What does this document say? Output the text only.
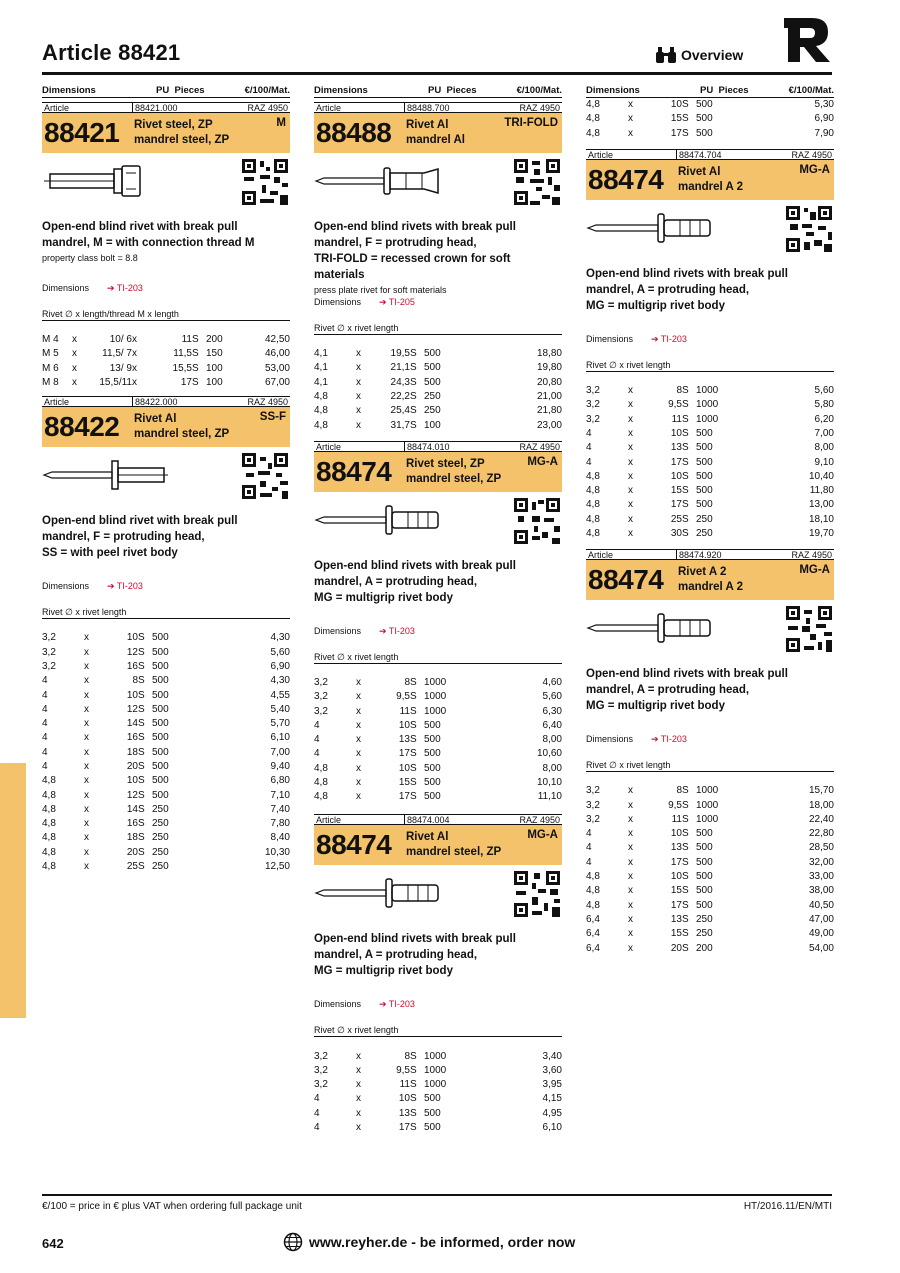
Article 88421	Overview
Dimensions	PU Pieces	€/100/Mat.
Article	88421.000	RAZ 4950
88421	Rivet steel, ZP
mandrel steel, ZP
M
Open-end blind rivet with break pull
mandrel, M = with connection thread M
property class bolt = 8.8
Dimensions ➔ TI-203
Rivet ∅ x length/thread M x length
M 4	x	10/ 6	x	11	S	200	42,50
M 5	x	11,5/ 7	x	11,5	S	150	46,00
M 6	x	13/ 9	x	15,5	S	100	53,00
M 8	x	15,5/11	x	17	S	100	67,00
Article	88422.000	RAZ 4950
88422	Rivet Al
mandrel steel, ZP
SS-F
Open-end blind rivet with break pull
mandrel, F = protruding head,
SS = with peel rivet body
Dimensions ➔ TI-203
Rivet ∅ x rivet length
3,2	x	10	S	500	4,30
3,2	x	12	S	500	5,60
3,2	x	16	S	500	6,90
4	x	8	S	500	4,30
4	x	10	S	500	4,55
4	x	12	S	500	5,40
4	x	14	S	500	5,70
4	x	16	S	500	6,10
4	x	18	S	500	7,00
4	x	20	S	500	9,40
4,8	x	10	S	500	6,80
4,8	x	12	S	500	7,10
4,8	x	14	S	250	7,40
4,8	x	16	S	250	7,80
4,8	x	18	S	250	8,40
4,8	x	20	S	250	10,30
4,8	x	25	S	250	12,50
Dimensions	PU Pieces	€/100/Mat.
Article	88488.700	RAZ 4950
88488	Rivet Al
mandrel Al
TRI-FOLD
Open-end blind rivets with break pull
mandrel, F = protruding head,
TRI-FOLD = recessed crown for soft
materials
press plate rivet for soft materials
Dimensions ➔ TI-205
Rivet ∅ x rivet length
4,1	x	19,5	S	500	18,80
4,1	x	21,1	S	500	19,80
4,1	x	24,3	S	500	20,80
4,8	x	22,2	S	250	21,00
4,8	x	25,4	S	250	21,80
4,8	x	31,7	S	100	23,00
Article	88474.010	RAZ 4950
88474	Rivet steel, ZP
mandrel steel, ZP
MG-A
Open-end blind rivets with break pull
mandrel, A = protruding head,
MG = multigrip rivet body
Dimensions ➔ TI-203
Rivet ∅ x rivet length
3,2	x	8	S	1000	4,60
3,2	x	9,5	S	1000	5,60
3,2	x	11	S	1000	6,30
4	x	10	S	500	6,40
4	x	13	S	500	8,00
4	x	17	S	500	10,60
4,8	x	10	S	500	8,00
4,8	x	15	S	500	10,10
4,8	x	17	S	500	11,10
Article	88474.004	RAZ 4950
88474	Rivet Al
mandrel steel, ZP
MG-A
Open-end blind rivets with break pull
mandrel, A = protruding head,
MG = multigrip rivet body
Dimensions ➔ TI-203
Rivet ∅ x rivet length
3,2	x	8	S	1000	3,40
3,2	x	9,5	S	1000	3,60
3,2	x	11	S	1000	3,95
4	x	10	S	500	4,15
4	x	13	S	500	4,95
4	x	17	S	500	6,10
Dimensions	PU Pieces	€/100/Mat.
4,8	x	10	S	500	5,30
4,8	x	15	S	500	6,90
4,8	x	17	S	500	7,90
Article	88474.704	RAZ 4950
88474	Rivet Al
mandrel A 2
MG-A
Open-end blind rivets with break pull
mandrel, A = protruding head,
MG = multigrip rivet body
Dimensions ➔ TI-203
Rivet ∅ x rivet length
3,2	x	8	S	1000	5,60
3,2	x	9,5	S	1000	5,80
3,2	x	11	S	1000	6,20
4	x	10	S	500	7,00
4	x	13	S	500	8,00
4	x	17	S	500	9,10
4,8	x	10	S	500	10,40
4,8	x	15	S	500	11,80
4,8	x	17	S	500	13,00
4,8	x	25	S	250	18,10
4,8	x	30	S	250	19,70
Article	88474.920	RAZ 4950
88474	Rivet A 2
mandrel A 2
MG-A
Open-end blind rivets with break pull
mandrel, A = protruding head,
MG = multigrip rivet body
Dimensions ➔ TI-203
Rivet ∅ x rivet length
3,2	x	8	S	1000	15,70
3,2	x	9,5	S	1000	18,00
3,2	x	11	S	1000	22,40
4	x	10	S	500	22,80
4	x	13	S	500	28,50
4	x	17	S	500	32,00
4,8	x	10	S	500	33,00
4,8	x	15	S	500	38,00
4,8	x	17	S	500	40,50
6,4	x	13	S	250	47,00
6,4	x	15	S	250	49,00
6,4	x	20	S	200	54,00
€/100 = price in € plus VAT when ordering full package unit	HT/2016.11/EN/MTI
642	www.reyher.de - be informed, order now
